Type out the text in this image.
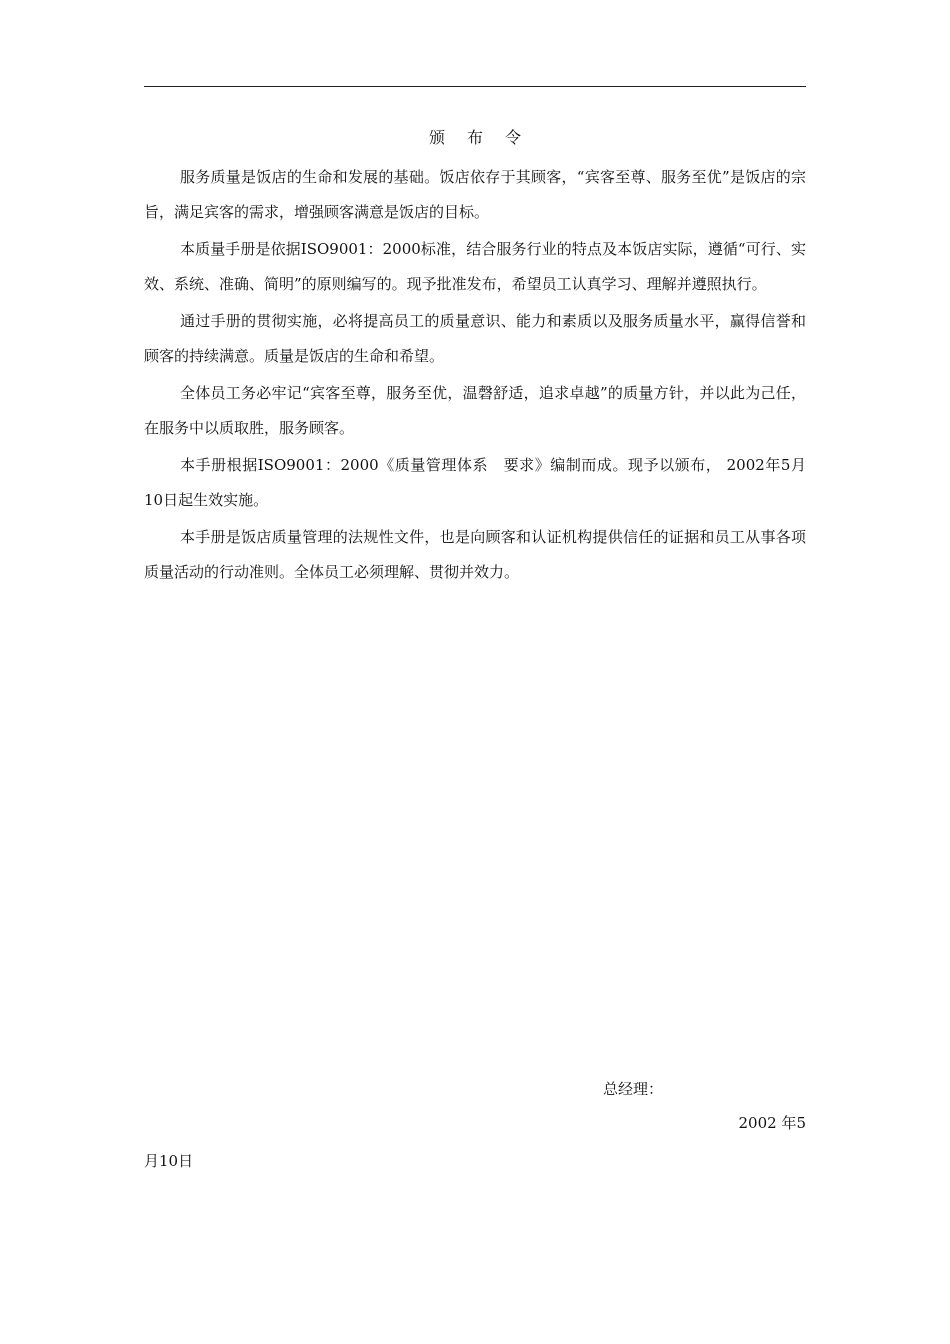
颁布令

服务质量是饭店的生命和发展的基础。饭店依存于其顾客，“宾客至尊、服务至优”是饭店的宗旨，满足宾客的需求，增强顾客满意是饭店的目标。

本质量手册是依据ISO9001：2000标准，结合服务行业的特点及本饭店实际，遵循“可行、实效、系统、准确、简明”的原则编写的。现予批准发布，希望员工认真学习、理解并遵照执行。

通过手册的贯彻实施，必将提高员工的质量意识、能力和素质以及服务质量水平，赢得信誉和顾客的持续满意。质量是饭店的生命和希望。

全体员工务必牢记“宾客至尊，服务至优，温磬舒适，追求卓越”的质量方针，并以此为己任，在服务中以质取胜，服务顾客。

本手册根据ISO9001：2000《质量管理体系　要求》编制而成。现予以颁布， 2002年5月10日起生效实施。

本手册是饭店质量管理的法规性文件，也是向顾客和认证机构提供信任的证据和员工从事各项质量活动的行动准则。全体员工必须理解、贯彻并效力。

总经理：
2002 年5
月10日
